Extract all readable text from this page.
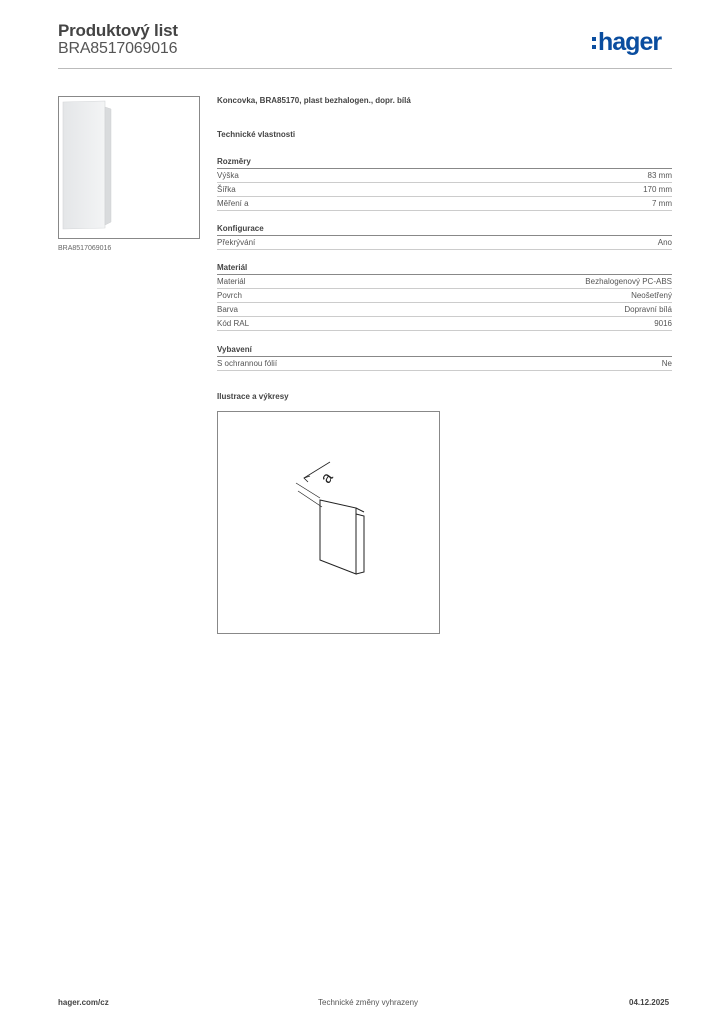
Produktový list
BRA8517069016	hager
BRA8517069016
Koncovka, BRA85170, plast bezhalogen., dopr. bílá
Technické vlastnosti
Rozměry
Výška	83 mm
Šířka	170 mm
Měření a	7 mm
Konfigurace
Překrývání	Ano
Materiál
Materiál	Bezhalogenový PC-ABS
Povrch	Neošetřený
Barva	Dopravní bílá
Kód RAL	9016
Vybavení
S ochrannou fólií	Ne
Ilustrace a výkresy
a
hager.com/cz	Technické změny vyhrazeny	04.12.2025
